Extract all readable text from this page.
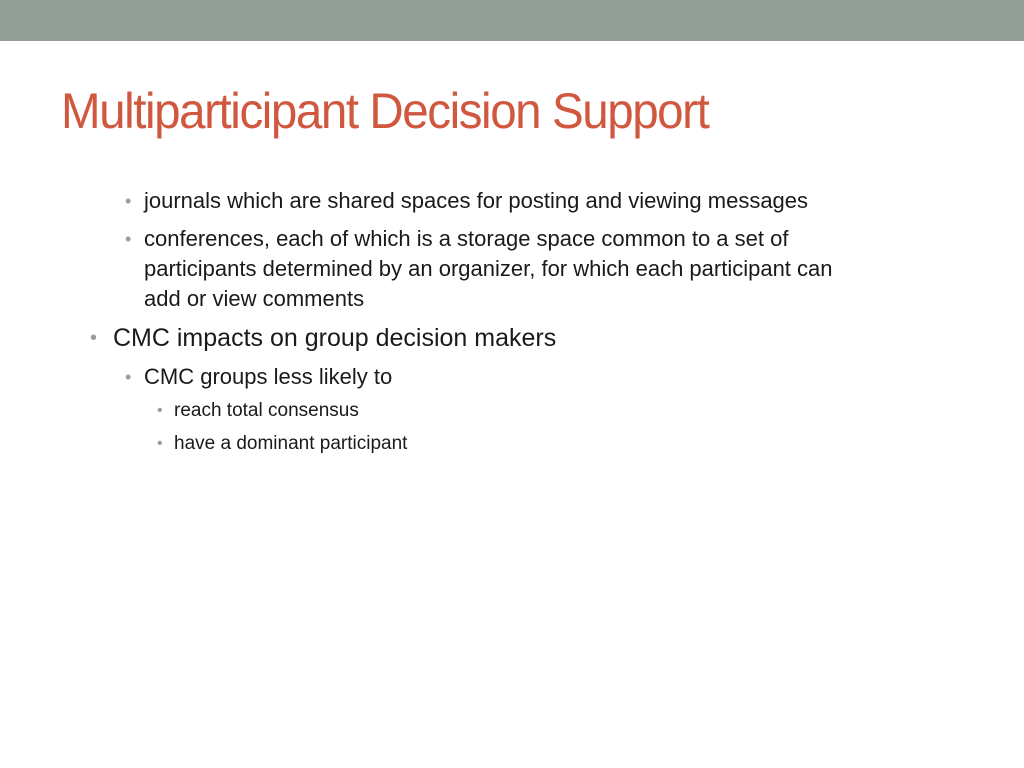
Multiparticipant Decision Support
• journals which are shared spaces for posting and viewing messages
• conferences, each of which is a storage space common to a set of
participants determined by an organizer, for which each participant can
add or view comments
• CMC impacts on group decision makers
• CMC groups less likely to
• reach total consensus
• have a dominant participant
